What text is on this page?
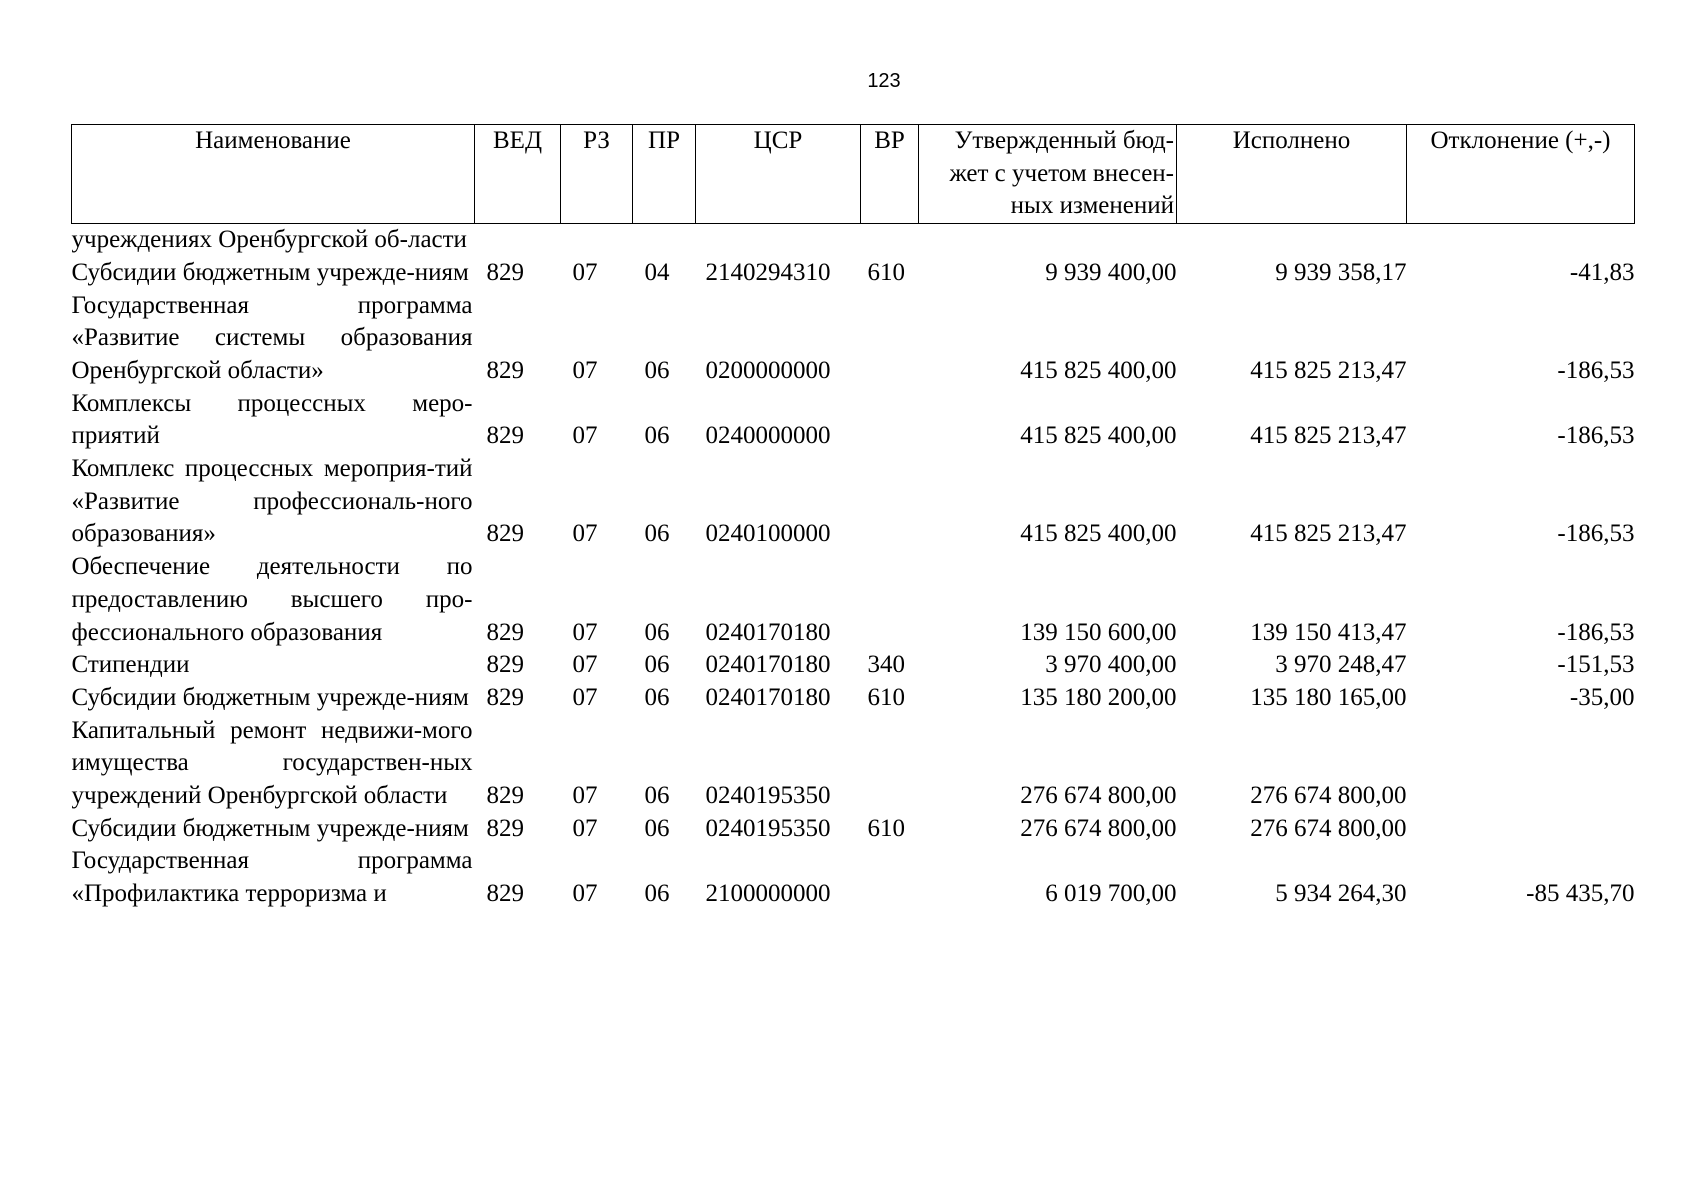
123
Наименование	ВЕД	РЗ	ПР	ЦСР	ВР	Утвержденный бюд-жет с учетом внесен-ных изменений	Исполнено	Отклонение (+,-)
учреждениях Оренбургской об-ласти								
Субсидии бюджетным учрежде-ниям	829	07	04	2140294310	610	9 939 400,00	9 939 358,17	-41,83
Государственная программа «Развитие системы образования Оренбургской области»	829	07	06	0200000000		415 825 400,00	415 825 213,47	-186,53
Комплексы процессных меро-приятий	829	07	06	0240000000		415 825 400,00	415 825 213,47	-186,53
Комплекс процессных мероприя-тий «Развитие профессиональ-ного образования»	829	07	06	0240100000		415 825 400,00	415 825 213,47	-186,53
Обеспечение деятельности по предоставлению высшего про-фессионального образования	829	07	06	0240170180		139 150 600,00	139 150 413,47	-186,53
Стипендии	829	07	06	0240170180	340	3 970 400,00	3 970 248,47	-151,53
Субсидии бюджетным учрежде-ниям	829	07	06	0240170180	610	135 180 200,00	135 180 165,00	-35,00
Капитальный ремонт недвижи-мого имущества государствен-ных учреждений Оренбургской области	829	07	06	0240195350		276 674 800,00	276 674 800,00	
Субсидии бюджетным учрежде-ниям	829	07	06	0240195350	610	276 674 800,00	276 674 800,00	
Государственная программа «Профилактика терроризма и	829	07	06	2100000000		6 019 700,00	5 934 264,30	-85 435,70
